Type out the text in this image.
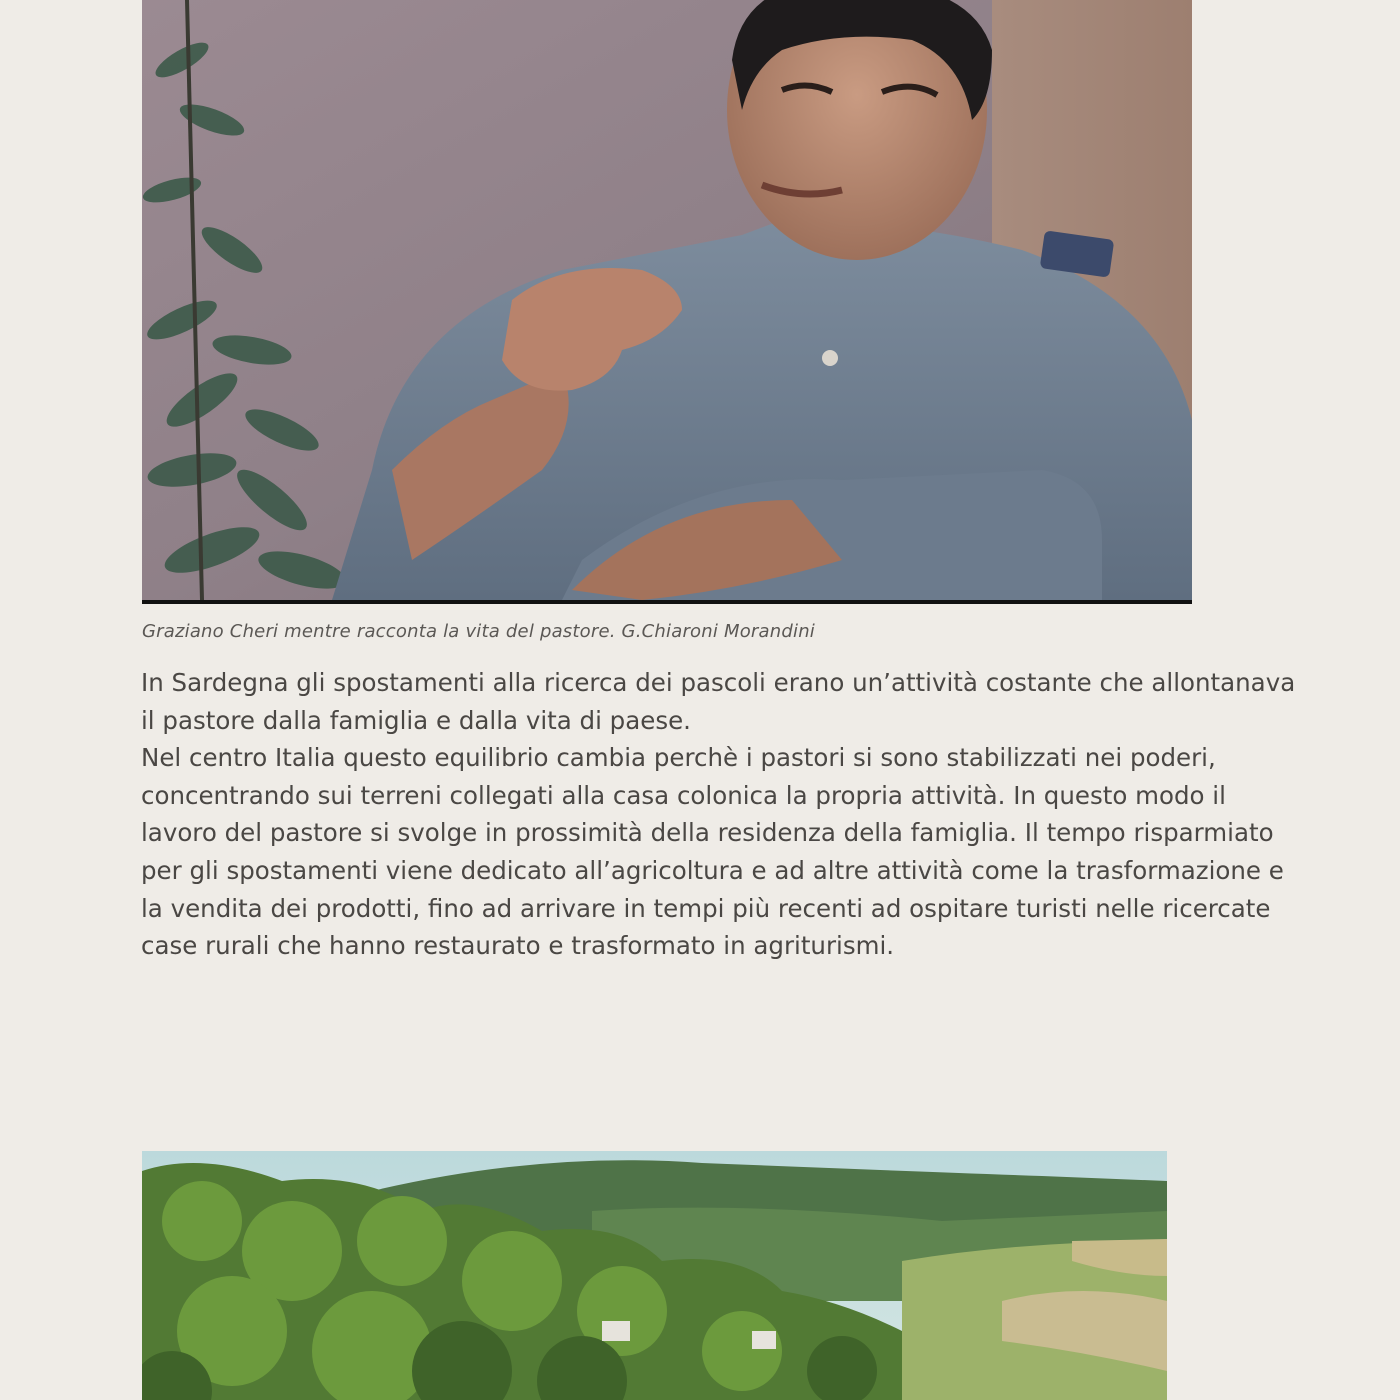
Graziano Cheri mentre racconta la vita del pastore. G.Chiaroni Morandini

In Sardegna gli spostamenti alla ricerca dei pascoli erano un’attività costante che allontanava il pastore dalla famiglia e dalla vita di paese.

Nel centro Italia questo equilibrio cambia perchè i pastori si sono stabilizzati nei poderi, concentrando sui terreni collegati alla casa colonica la propria attività. In questo modo il lavoro del pastore si svolge in prossimità della residenza della famiglia. Il tempo risparmiato per gli spostamenti viene dedicato all’agricoltura e ad altre attività come la trasformazione e la vendita dei prodotti, fino ad arrivare in tempi più recenti ad ospitare turisti nelle ricercate case rurali che hanno restaurato e trasformato in agriturismi.
